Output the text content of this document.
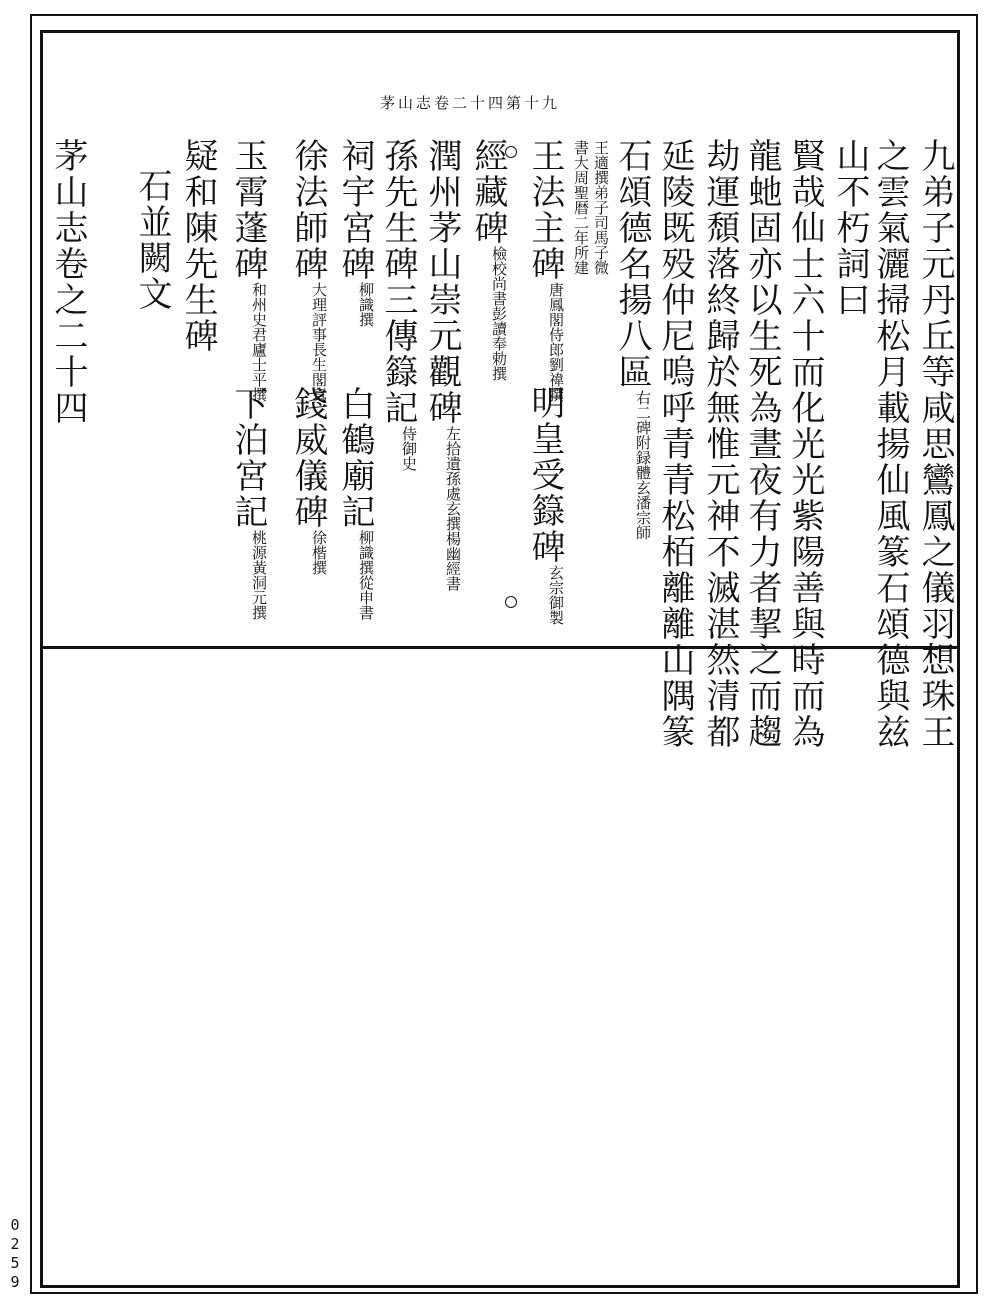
茅山志卷二十四第十九
九弟子元丹丘等咸思鸞鳳之儀羽想珠王
之雲氣灑掃松月載揚仙風篆石頌德與兹
山不朽詞曰
賢哉仙士六十而化光光紫陽善與時而為
龍虵固亦以生死為晝夜有力者挈之而趨
劫運頹落終歸於無惟元神不滅湛然清都
延陵既殁仲尼嗚呼青青松栢離離山隅篆
石頌德名揚八區$^{右二碑附録體玄潘宗師}$
王適撰弟子司馬子微
書大周聖暦二年所建
王法主碑$^{唐鳳閣侍郎劉禕撰}$
明皇受籙碑$^{玄宗御製}$
經藏碑$^{檢校尚書彭讀奉勅撰}$
潤州茅山崇元觀碑$^{左拾遺孫處玄撰楊幽經書}$
孫先生碑三傳籙記$^{侍御史}$
祠宇宮碑$^{柳識撰}$
白鶴廟記$^{柳識撰從申書}$
徐法師碑$^{大理評事長生閣真}$
錢威儀碑$^{徐楷撰}$
玉霄蓬碑$^{和州史君廬士平撰}$
下泊宮記$^{桃源黃洞元撰}$
疑和陳先生碑
石並闕文
茅山志卷之二十四
0259
